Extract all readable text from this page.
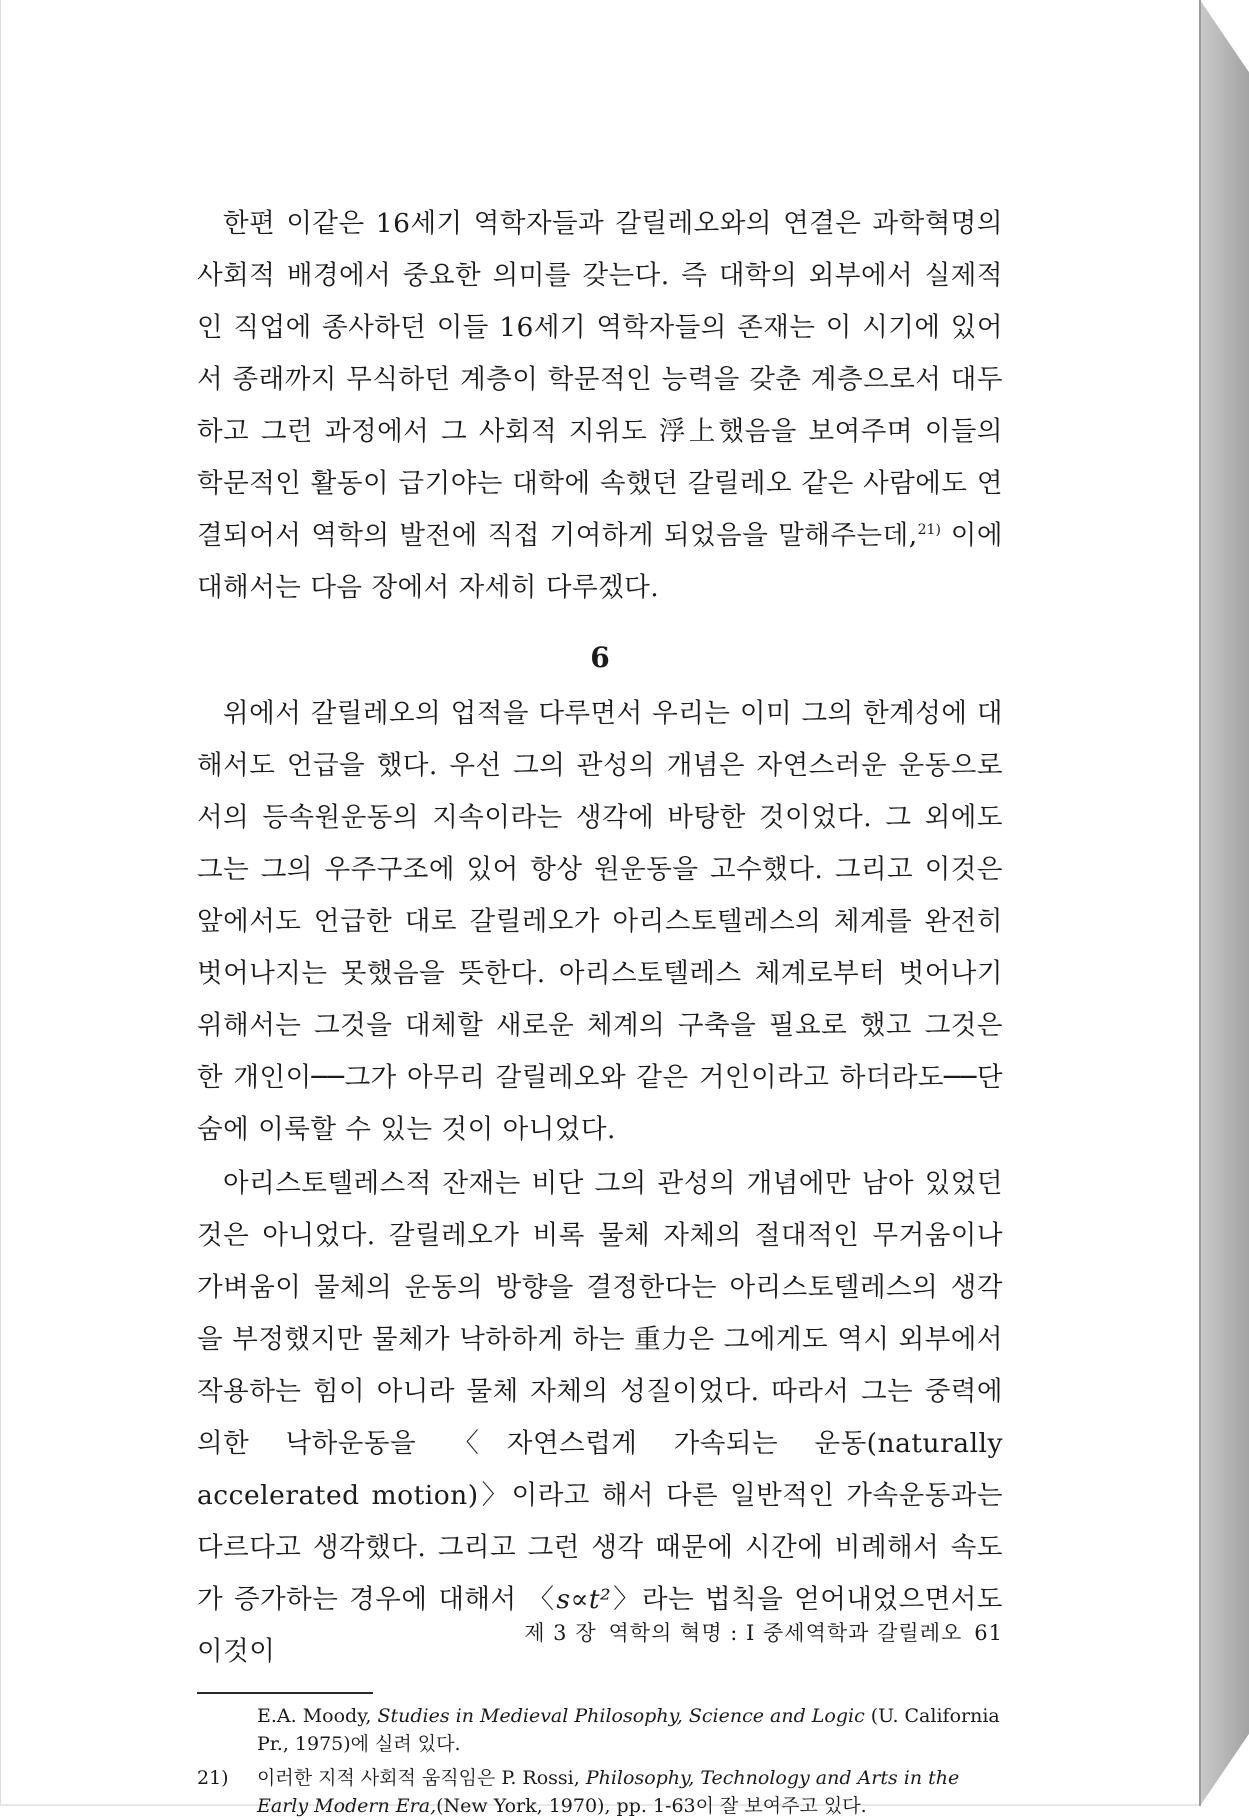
한편 이같은 16세기 역학자들과 갈릴레오와의 연결은 과학혁명의 사회적 배경에서 중요한 의미를 갖는다. 즉 대학의 외부에서 실제적인 직업에 종사하던 이들 16세기 역학자들의 존재는 이 시기에 있어서 종래까지 무식하던 계층이 학문적인 능력을 갖춘 계층으로서 대두하고 그런 과정에서 그 사회적 지위도 浮上했음을 보여주며 이들의 학문적인 활동이 급기야는 대학에 속했던 갈릴레오 같은 사람에도 연결되어서 역학의 발전에 직접 기여하게 되었음을 말해주는데,$^{21)}$ 이에 대해서는 다음 장에서 자세히 다루겠다.

6

위에서 갈릴레오의 업적을 다루면서 우리는 이미 그의 한계성에 대해서도 언급을 했다. 우선 그의 관성의 개념은 자연스러운 운동으로서의 등속원운동의 지속이라는 생각에 바탕한 것이었다. 그 외에도 그는 그의 우주구조에 있어 항상 원운동을 고수했다. 그리고 이것은 앞에서도 언급한 대로 갈릴레오가 아리스토텔레스의 체계를 완전히 벗어나지는 못했음을 뜻한다. 아리스토텔레스 체계로부터 벗어나기 위해서는 그것을 대체할 새로운 체계의 구축을 필요로 했고 그것은 한 개인이──그가 아무리 갈릴레오와 같은 거인이라고 하더라도──단숨에 이룩할 수 있는 것이 아니었다.

아리스토텔레스적 잔재는 비단 그의 관성의 개념에만 남아 있었던 것은 아니었다. 갈릴레오가 비록 물체 자체의 절대적인 무거움이나 가벼움이 물체의 운동의 방향을 결정한다는 아리스토텔레스의 생각을 부정했지만 물체가 낙하하게 하는 重力은 그에게도 역시 외부에서 작용하는 힘이 아니라 물체 자체의 성질이었다. 따라서 그는 중력에 의한 낙하운동을 〈자연스럽게 가속되는 운동(naturally accelerated motion)〉이라고 해서 다른 일반적인 가속운동과는 다르다고 생각했다. 그리고 그런 생각 때문에 시간에 비례해서 속도가 증가하는 경우에 대해서 〈s∝t²〉라는 법칙을 얻어내었으면서도 이것이

E.A. Moody, Studies in Medieval Philosophy, Science and Logic (U. California Pr., 1975)에 실려 있다.
21)	이러한 지적 사회적 움직임은 P. Rossi, Philosophy, Technology and Arts in the Early Modern Era,(New York, 1970), pp. 1-63이 잘 보여주고 있다.
제 3 장 역학의 혁명 : I 중세역학과 갈릴레오 61
